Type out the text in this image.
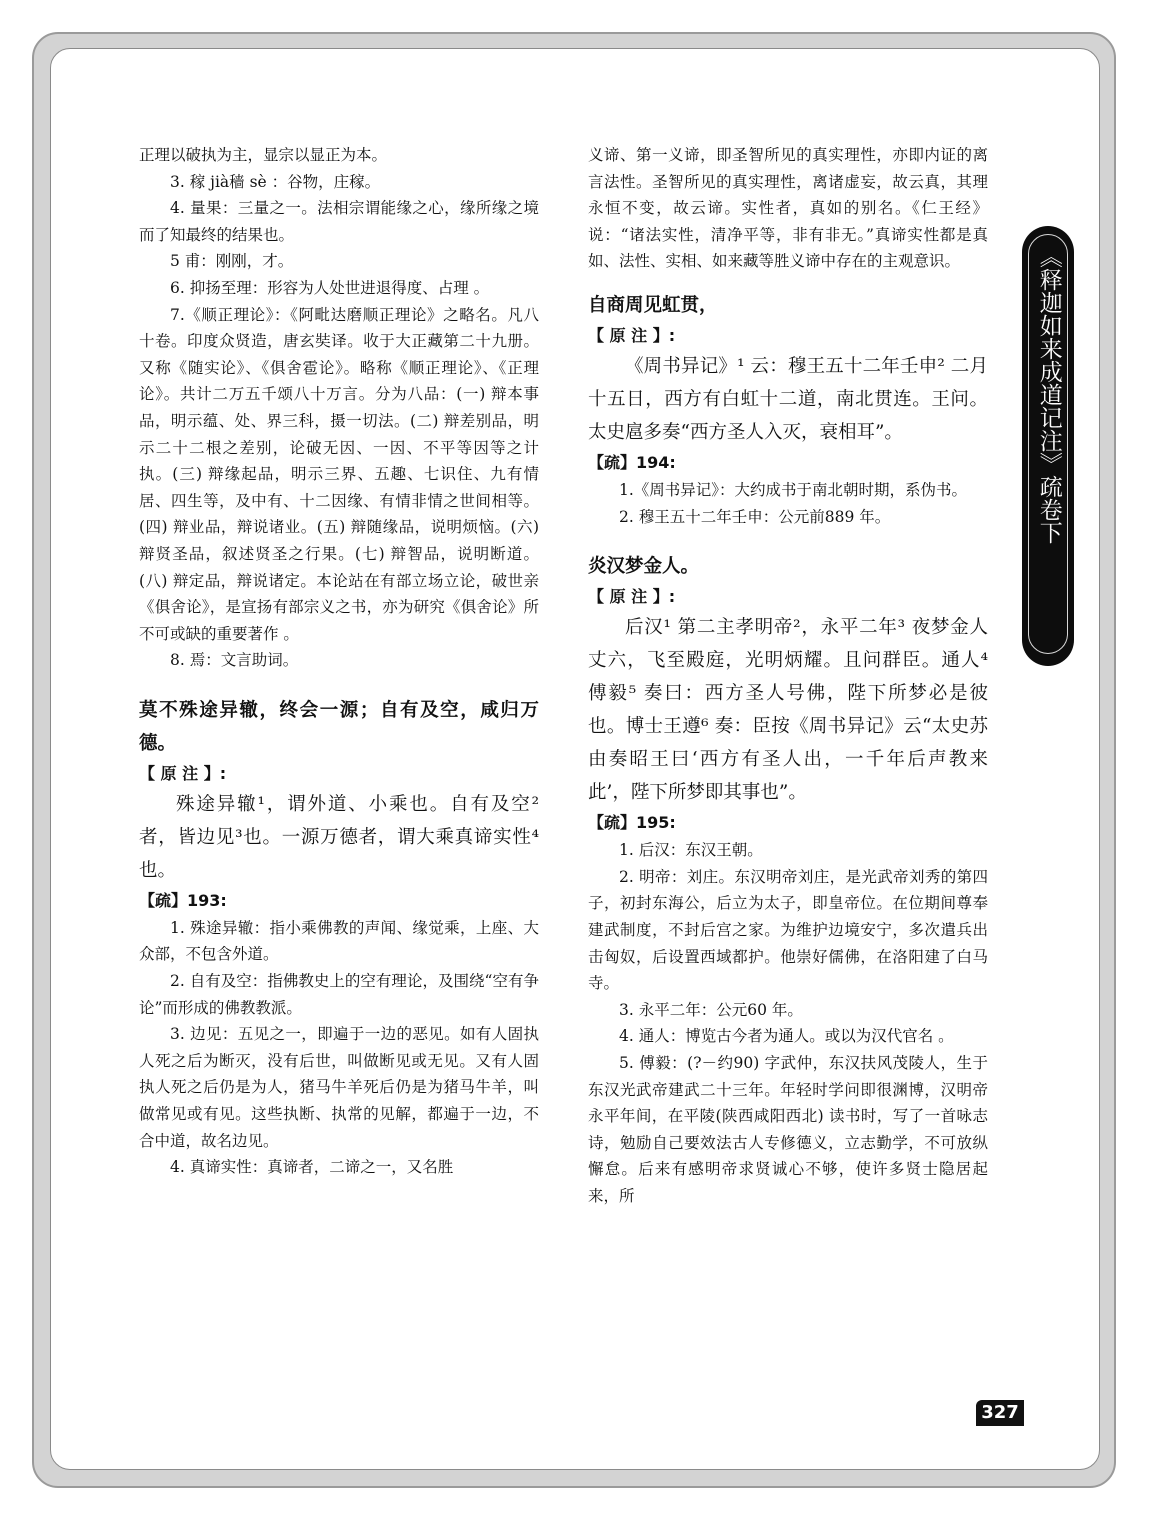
正理以破执为主，显宗以显正为本。

3. 稼 jià穑 sè ：谷物，庄稼。

4. 量果：三量之一。法相宗谓能缘之心，缘所缘之境而了知最终的结果也。

5 甫：刚刚，才。

6. 抑扬至理：形容为人处世进退得度、占理 。

7.《顺正理论》：《阿毗达磨顺正理论》之略名。凡八十卷。印度众贤造，唐玄奘译。收于大正藏第二十九册。又称《随实论》、《俱舍雹论》。略称《顺正理论》、《正理论》。共计二万五千颂八十万言。分为八品：(一) 辩本事品，明示蕴、处、界三科，摄一切法。(二) 辩差别品，明示二十二根之差别，论破无因、一因、不平等因等之计执。(三) 辩缘起品，明示三界、五趣、七识住、九有情居、四生等，及中有、十二因缘、有情非情之世间相等。(四) 辩业品，辩说诸业。(五) 辩随缘品，说明烦恼。(六) 辩贤圣品，叙述贤圣之行果。(七) 辩智品，说明断道。(八) 辩定品，辩说诸定。本论站在有部立场立论，破世亲《俱舍论》，是宣扬有部宗义之书，亦为研究《俱舍论》所不可或缺的重要著作 。

8. 焉：文言助词。

莫不殊途异辙，终会一源；自有及空，咸归万德。

【 原 注 】:

殊途异辙¹，谓外道、小乘也。自有及空²者，皆边见³也。一源万德者，谓大乘真谛实性⁴也。

【疏】193:

1. 殊途异辙：指小乘佛教的声闻、缘觉乘，上座、大众部，不包含外道。

2. 自有及空：指佛教史上的空有理论，及围绕“空有争论”而形成的佛教教派。

3. 边见：五见之一，即遍于一边的恶见。如有人固执人死之后为断灭，没有后世，叫做断见或无见。又有人固执人死之后仍是为人，猪马牛羊死后仍是为猪马牛羊，叫做常见或有见。这些执断、执常的见解，都遍于一边，不合中道，故名边见。

4. 真谛实性：真谛者，二谛之一，又名胜

义谛、第一义谛，即圣智所见的真实理性，亦即内证的离言法性。圣智所见的真实理性，离诸虚妄，故云真，其理永恒不变，故云谛。实性者，真如的别名。《仁王经》说：“诸法实性，清净平等，非有非无。”真谛实性都是真如、法性、实相、如来藏等胜义谛中存在的主观意识。

自商周见虹贯，

【 原 注 】:

《周书异记》¹ 云：穆王五十二年壬申² 二月十五日，西方有白虹十二道，南北贯连。王问。太史扈多奏“西方圣人入灭，衰相耳”。

【疏】194:

1.《周书异记》：大约成书于南北朝时期，系伪书。

2. 穆王五十二年壬申：公元前889 年。

炎汉梦金人。

【 原 注 】:

后汉¹ 第二主孝明帝²，永平二年³ 夜梦金人丈六，飞至殿庭，光明炳耀。且问群臣。通人⁴ 傅毅⁵ 奏曰：西方圣人号佛，陛下所梦必是彼也。博士王遵⁶ 奏：臣按《周书异记》云“太史苏由奏昭王曰‘西方有圣人出，一千年后声教来此’，陛下所梦即其事也”。

【疏】195:

1. 后汉：东汉王朝。

2. 明帝：刘庄。东汉明帝刘庄，是光武帝刘秀的第四子，初封东海公，后立为太子，即皇帝位。在位期间尊奉建武制度，不封后宫之家。为维护边境安宁，多次遣兵出击匈奴，后设置西域都护。他崇好儒佛，在洛阳建了白马寺。

3. 永平二年：公元60 年。

4. 通人：博览古今者为通人。或以为汉代官名 。

5. 傅毅：(?－约90) 字武仲，东汉扶风茂陵人，生于东汉光武帝建武二十三年。年轻时学问即很渊博，汉明帝永平年间，在平陵(陕西咸阳西北) 读书时，写了一首咏志诗，勉励自己要效法古人专修德义，立志勤学，不可放纵懈怠。后来有感明帝求贤诚心不够，使许多贤士隐居起来，所

《释迦如来成道记注》疏卷下
327
